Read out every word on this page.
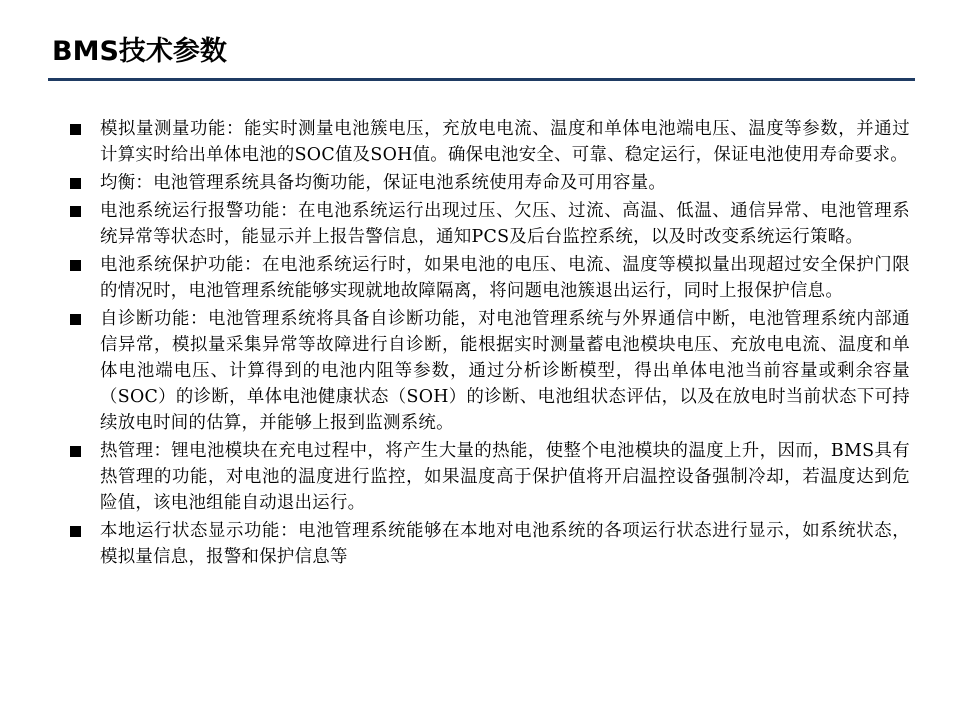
BMS技术参数
模拟量测量功能：能实时测量电池簇电压，充放电电流、温度和单体电池端电压、温度等参数，并通过计算实时给出单体电池的SOC值及SOH值。确保电池安全、可靠、稳定运行，保证电池使用寿命要求。
均衡：电池管理系统具备均衡功能，保证电池系统使用寿命及可用容量。
电池系统运行报警功能：在电池系统运行出现过压、欠压、过流、高温、低温、通信异常、电池管理系统异常等状态时，能显示并上报告警信息，通知PCS及后台监控系统，以及时改变系统运行策略。
电池系统保护功能：在电池系统运行时，如果电池的电压、电流、温度等模拟量出现超过安全保护门限的情况时，电池管理系统能够实现就地故障隔离，将问题电池簇退出运行，同时上报保护信息。
自诊断功能：电池管理系统将具备自诊断功能，对电池管理系统与外界通信中断，电池管理系统内部通信异常，模拟量采集异常等故障进行自诊断，能根据实时测量蓄电池模块电压、充放电电流、温度和单体电池端电压、计算得到的电池内阻等参数，通过分析诊断模型，得出单体电池当前容量或剩余容量（SOC）的诊断，单体电池健康状态（SOH）的诊断、电池组状态评估，以及在放电时当前状态下可持续放电时间的估算，并能够上报到监测系统。
热管理：锂电池模块在充电过程中，将产生大量的热能，使整个电池模块的温度上升，因而，BMS具有热管理的功能，对电池的温度进行监控，如果温度高于保护值将开启温控设备强制冷却，若温度达到危险值，该电池组能自动退出运行。
本地运行状态显示功能：电池管理系统能够在本地对电池系统的各项运行状态进行显示，如系统状态，模拟量信息，报警和保护信息等
